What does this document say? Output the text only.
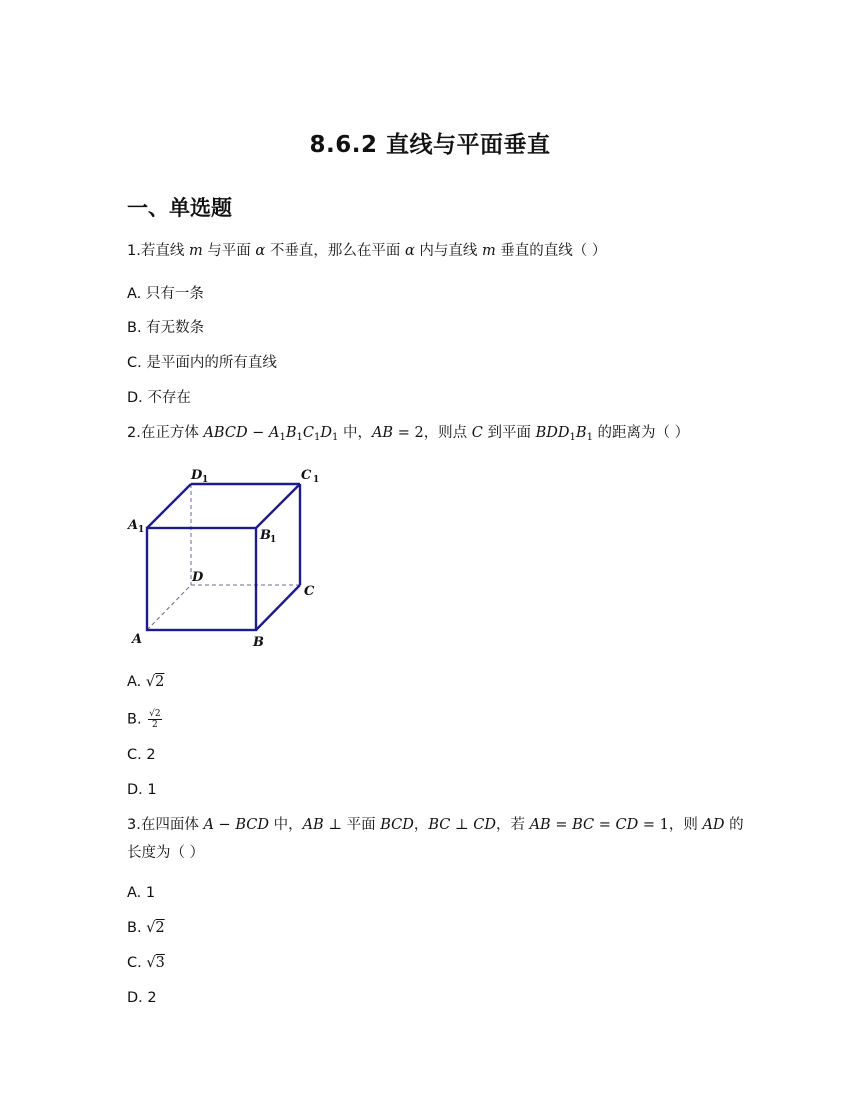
8.6.2 直线与平面垂直
一、单选题
1.若直线 m 与平面 α 不垂直，那么在平面 α 内与直线 m 垂直的直线（ ）
A. 只有一条
B. 有无数条
C. 是平面内的所有直线
D. 不存在
2.在正方体 ABCD − $A_1B_1C_1D_1$ 中，AB = 2，则点 C 到平面 $BDD_1B_1$ 的距离为（ ）
D 1	C 1
A 1	B 1
D
C
A	B
A. √2
B. $\frac{√2}{2}$
C. 2
D. 1
3.在四面体 A − BCD 中，AB ⊥ 平面 BCD，BC ⊥ CD，若 AB = BC = CD = 1，则 AD 的
长度为（ ）
A. 1
B. √2
C. √3
D. 2
